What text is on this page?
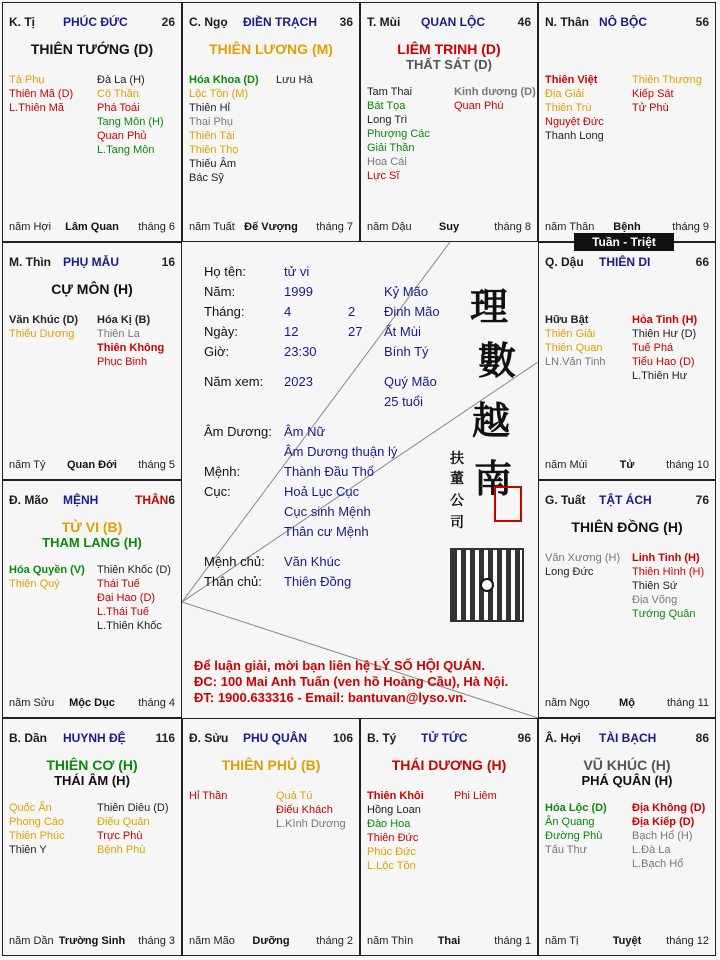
K. Tị PHÚC ĐỨC	26
THIÊN TƯỚNG (D)
Tả Phụ
Thiên Mã (D)
L.Thiên Mã
Đà La (H)
Cô Thần
Phá Toái
Tang Môn (H)
Quan Phủ
L.Tang Môn
năm Hợi	Lâm Quan	tháng 6
C. Ngọ ĐIỀN TRẠCH 36
THIÊN LƯƠNG (M)
Hóa Khoa (D)
Lộc Tồn (M)
Thiên Hỉ
Thai Phụ
Thiên Tài
Thiên Thọ
Thiếu Âm
Bác Sỹ
Lưu Hà
năm Tuất Đế Vượng	tháng 7
T. Mùi QUAN LỘC	46
LIÊM TRINH (D)
THẤT SÁT (D)
Tam Thai
Bát Tọa
Long Trì
Phượng Các
Giải Thần
Hoa Cái
Lực Sĩ
Kinh dương (D)
Quan Phù
năm Dậu	Suy	tháng 8
N. Thân NÔ BỘC	56
Thiên Việt
Địa Giải
Thiên Trù
Nguyệt Đức
Thanh Long
Thiên Thương
Kiếp Sát
Tử Phù
năm Thân	Bệnh	tháng 9
M. Thìn PHỤ MẪU	16
CỰ MÔN (H)
Văn Khúc (D)
Thiếu Dương
Hóa Kị (B)
Thiên La
Thiên Không
Phục Binh
năm Tý	Quan Đới	tháng 5
Q. Dậu THIÊN DI	66
Hữu Bật
Thiên Giải
Thiên Quan
LN.Văn Tinh
Hỏa Tinh (H)
Thiên Hư (D)
Tuế Phá
Tiểu Hao (D)
L.Thiên Hư
năm Mùi	Tử	tháng 10
Đ. Mão MỆNH	6
THÂN
TỬ VI (B)
THAM LANG (H)
Hóa Quyền (V)
Thiên Quý
Thiên Khốc (D)
Thái Tuế
Đại Hao (D)
L.Thái Tuế
L.Thiên Khốc
năm Sửu	Mộc Dục	tháng 4
G. Tuất TẬT ÁCH	76
THIÊN ĐỒNG (H)
Văn Xương (H)
Long Đức
Linh Tinh (H)
Thiên Hình (H)
Thiên Sứ
Địa Võng
Tướng Quân
năm Ngọ	Mộ	tháng 11
B. Dần HUYNH ĐỆ 116
THIÊN CƠ (H)
THÁI ÂM (H)
Quốc Ấn
Phong Cáo
Thiên Phúc
Thiên Y
Thiên Diêu (D)
Điếu Quản
Trực Phù
Bệnh Phù
năm Dần Trường Sinh	tháng 3
Đ. Sửu PHU QUÂN 106
THIÊN PHỦ (B)
Hỉ Thần	Quả Tú
Điếu Khách
L.Kình Dương
năm Mão	Dưỡng	tháng 2
B. Tý TỬ TỨC	96
THÁI DƯƠNG (H)
Thiên Khôi
Hồng Loan
Đào Hoa
Thiên Đức
Phúc Đức
L.Lộc Tồn
Phi Liêm
năm Thìn	Thai	tháng 1
Â. Hợi TÀI BẠCH	86
VŨ KHÚC (H)
PHÁ QUÂN (H)
Hóa Lộc (D)
Ân Quang
Đường Phù
Tấu Thư
Địa Không (D)
Địa Kiếp (D)
Bạch Hổ (H)
L.Đà La
L.Bạch Hổ
năm Tị	Tuyệt	tháng 12
Họ tên:	tử vi
Năm:	1999	Kỷ Mão
Tháng:	4	2 Đinh Mão
Ngày:	12	27 Ất Mùi
Giờ:	23:30	Bính Tý
Năm xem: 2023	Quý Mão
25 tuổi
Âm Dương: Âm Nữ
Âm Dương thuận lý
Mệnh:	Thành Đầu Thổ
Cục:	Hoả Lục Cục
Cục sinh Mệnh
Thân cư Mệnh
Mệnh chủ: Văn Khúc
Thân chủ: Thiên Đồng
理
數
越
南
扶
董
公
司
Để luận giải, mời bạn liên hệ LÝ SỐ HỘI QUÁN.
ĐC: 100 Mai Anh Tuấn (ven hồ Hoàng Cầu), Hà Nội.
ĐT: 1900.633316 - Email: bantuvan@lyso.vn.
Tuần - Triệt
